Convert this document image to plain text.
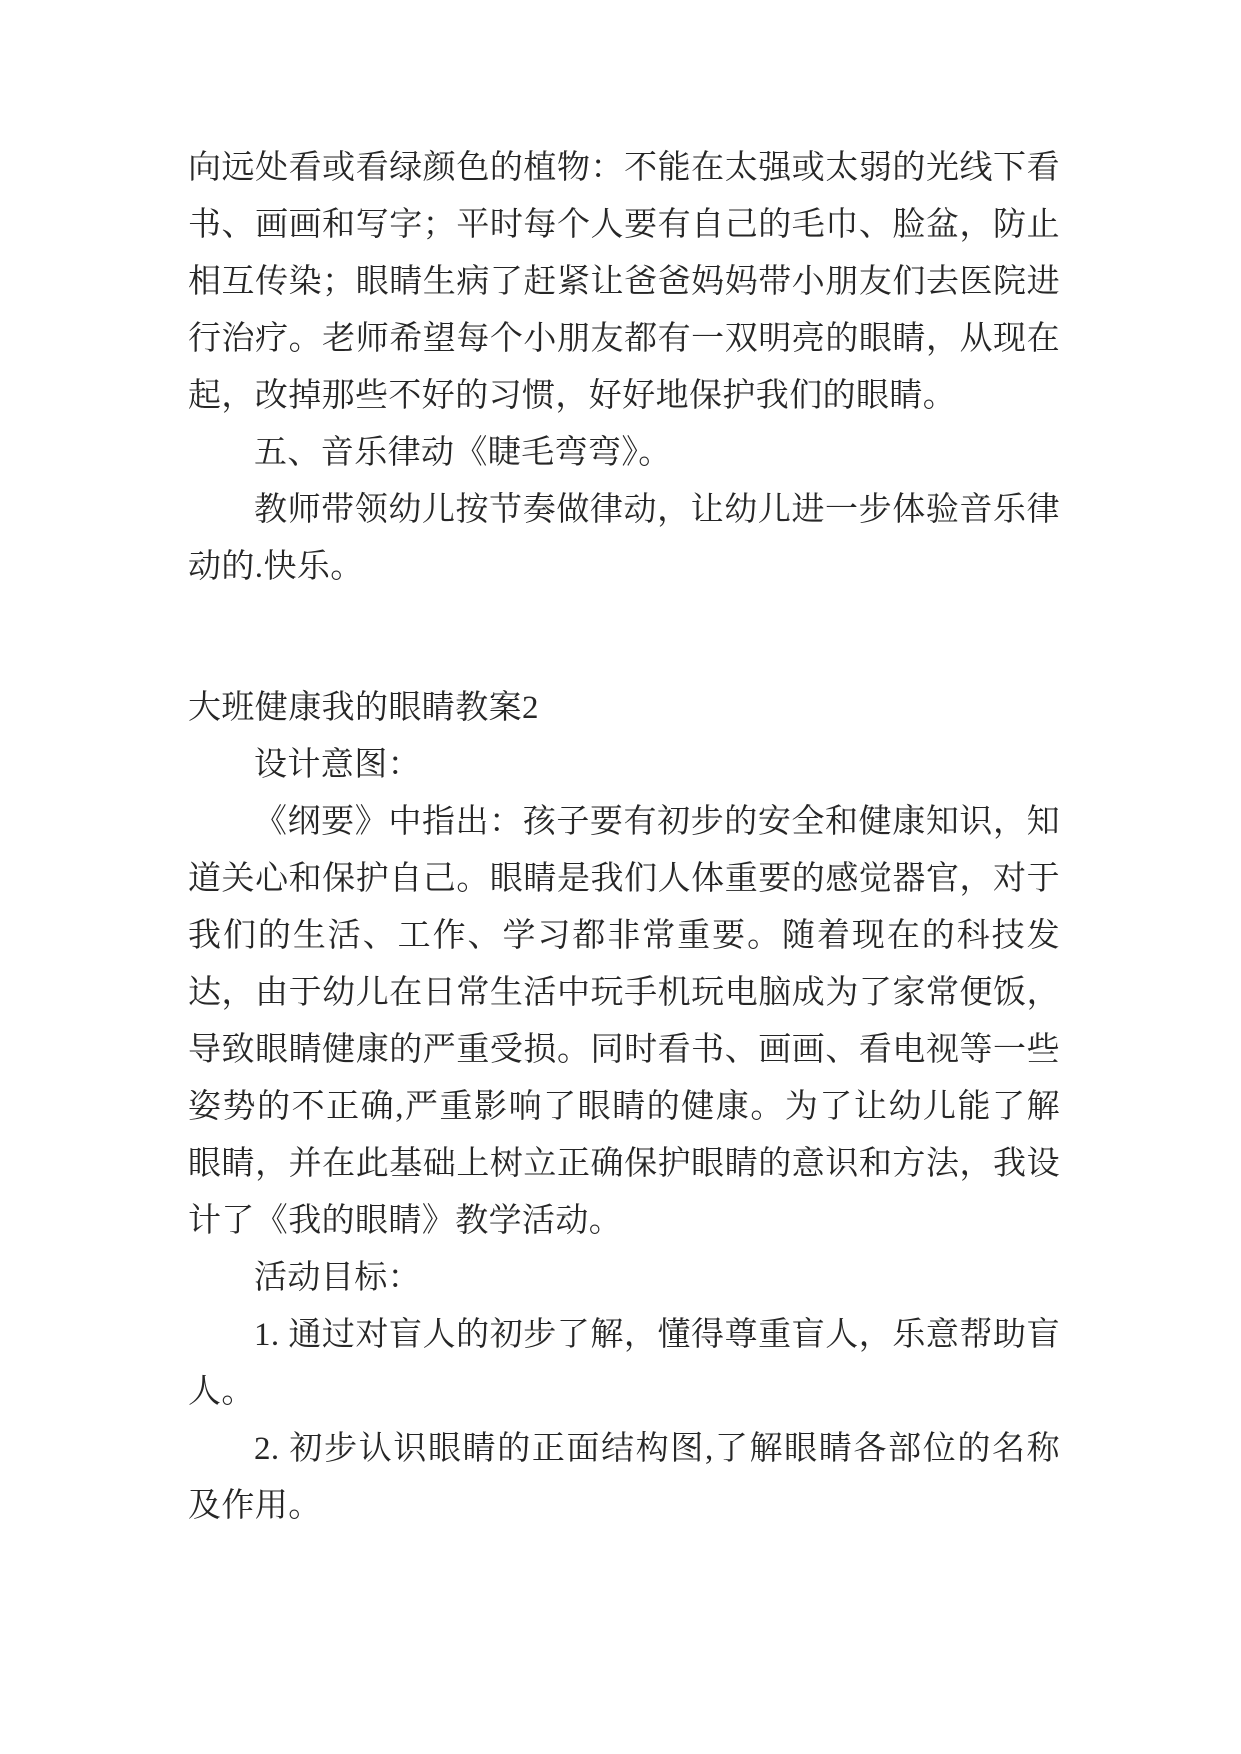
向远处看或看绿颜色的植物：不能在太强或太弱的光线下看书、画画和写字；平时每个人要有自己的毛巾、脸盆，防止相互传染；眼睛生病了赶紧让爸爸妈妈带小朋友们去医院进行治疗。老师希望每个小朋友都有一双明亮的眼睛，从现在起，改掉那些不好的习惯，好好地保护我们的眼睛。

五、音乐律动《睫毛弯弯》。

教师带领幼儿按节奏做律动，让幼儿进一步体验音乐律动的.快乐。

大班健康我的眼睛教案2

设计意图：

《纲要》中指出：孩子要有初步的安全和健康知识，知道关心和保护自己。眼睛是我们人体重要的感觉器官，对于我们的生活、工作、学习都非常重要。随着现在的科技发达，由于幼儿在日常生活中玩手机玩电脑成为了家常便饭，导致眼睛健康的严重受损。同时看书、画画、看电视等一些姿势的不正确,严重影响了眼睛的健康。为了让幼儿能了解眼睛，并在此基础上树立正确保护眼睛的意识和方法，我设计了《我的眼睛》教学活动。

活动目标：

1. 通过对盲人的初步了解，懂得尊重盲人，乐意帮助盲人。

2. 初步认识眼睛的正面结构图,了解眼睛各部位的名称及作用。
